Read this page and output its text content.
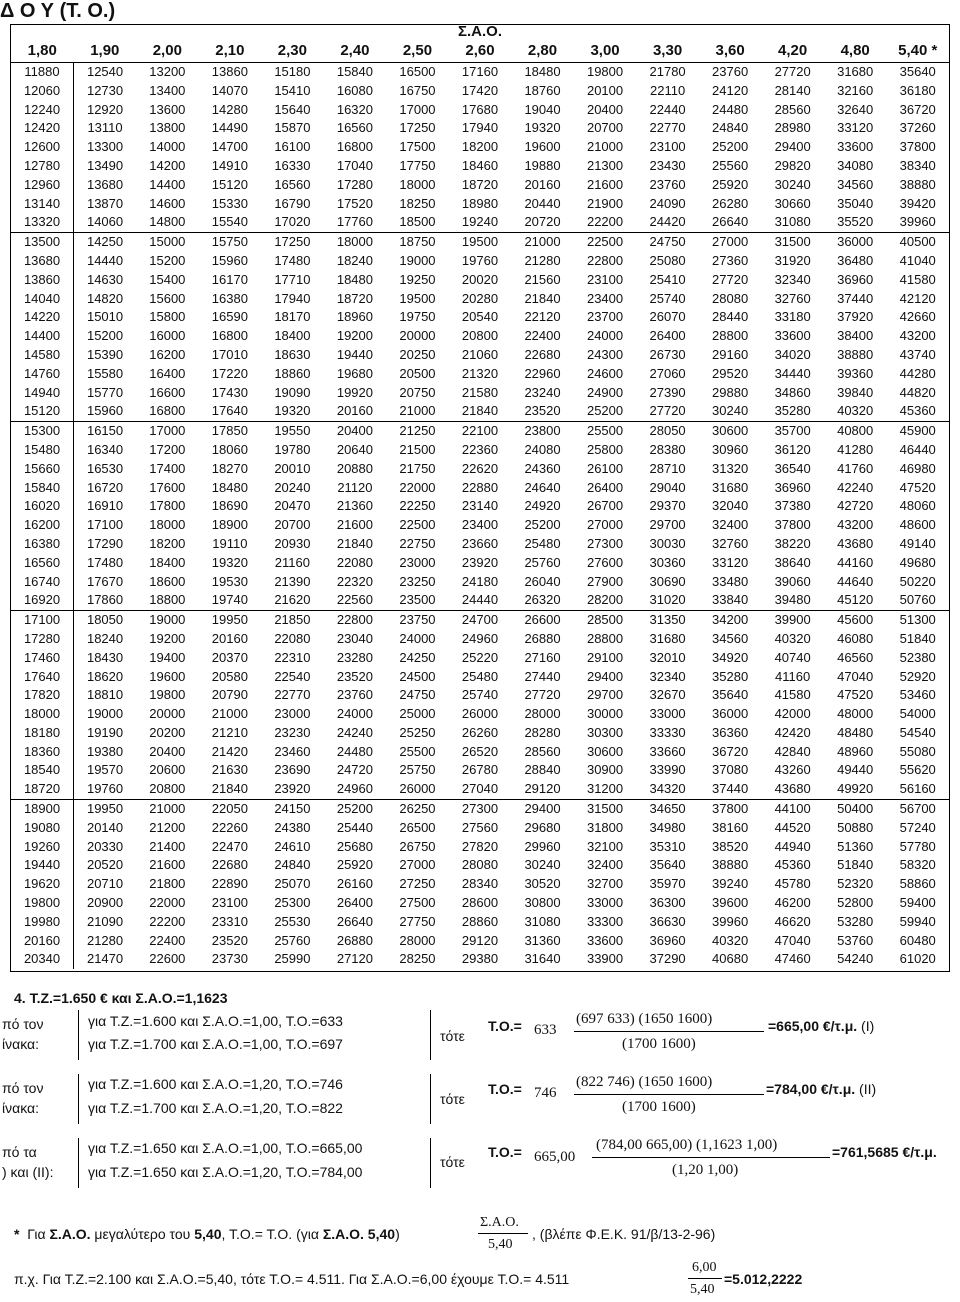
Δ Ο Υ (Τ. Ο.)
Σ.Α.Ο.														
1,80	1,90	2,00	2,10	2,30	2,40	2,50	2,60	2,80	3,00	3,30	3,60	4,20	4,80	5,40 *
11880	12540	13200	13860	15180	15840	16500	17160	18480	19800	21780	23760	27720	31680	35640
12060	12730	13400	14070	15410	16080	16750	17420	18760	20100	22110	24120	28140	32160	36180
12240	12920	13600	14280	15640	16320	17000	17680	19040	20400	22440	24480	28560	32640	36720
12420	13110	13800	14490	15870	16560	17250	17940	19320	20700	22770	24840	28980	33120	37260
12600	13300	14000	14700	16100	16800	17500	18200	19600	21000	23100	25200	29400	33600	37800
12780	13490	14200	14910	16330	17040	17750	18460	19880	21300	23430	25560	29820	34080	38340
12960	13680	14400	15120	16560	17280	18000	18720	20160	21600	23760	25920	30240	34560	38880
13140	13870	14600	15330	16790	17520	18250	18980	20440	21900	24090	26280	30660	35040	39420
13320	14060	14800	15540	17020	17760	18500	19240	20720	22200	24420	26640	31080	35520	39960
13500	14250	15000	15750	17250	18000	18750	19500	21000	22500	24750	27000	31500	36000	40500
13680	14440	15200	15960	17480	18240	19000	19760	21280	22800	25080	27360	31920	36480	41040
13860	14630	15400	16170	17710	18480	19250	20020	21560	23100	25410	27720	32340	36960	41580
14040	14820	15600	16380	17940	18720	19500	20280	21840	23400	25740	28080	32760	37440	42120
14220	15010	15800	16590	18170	18960	19750	20540	22120	23700	26070	28440	33180	37920	42660
14400	15200	16000	16800	18400	19200	20000	20800	22400	24000	26400	28800	33600	38400	43200
14580	15390	16200	17010	18630	19440	20250	21060	22680	24300	26730	29160	34020	38880	43740
14760	15580	16400	17220	18860	19680	20500	21320	22960	24600	27060	29520	34440	39360	44280
14940	15770	16600	17430	19090	19920	20750	21580	23240	24900	27390	29880	34860	39840	44820
15120	15960	16800	17640	19320	20160	21000	21840	23520	25200	27720	30240	35280	40320	45360
15300	16150	17000	17850	19550	20400	21250	22100	23800	25500	28050	30600	35700	40800	45900
15480	16340	17200	18060	19780	20640	21500	22360	24080	25800	28380	30960	36120	41280	46440
15660	16530	17400	18270	20010	20880	21750	22620	24360	26100	28710	31320	36540	41760	46980
15840	16720	17600	18480	20240	21120	22000	22880	24640	26400	29040	31680	36960	42240	47520
16020	16910	17800	18690	20470	21360	22250	23140	24920	26700	29370	32040	37380	42720	48060
16200	17100	18000	18900	20700	21600	22500	23400	25200	27000	29700	32400	37800	43200	48600
16380	17290	18200	19110	20930	21840	22750	23660	25480	27300	30030	32760	38220	43680	49140
16560	17480	18400	19320	21160	22080	23000	23920	25760	27600	30360	33120	38640	44160	49680
16740	17670	18600	19530	21390	22320	23250	24180	26040	27900	30690	33480	39060	44640	50220
16920	17860	18800	19740	21620	22560	23500	24440	26320	28200	31020	33840	39480	45120	50760
17100	18050	19000	19950	21850	22800	23750	24700	26600	28500	31350	34200	39900	45600	51300
17280	18240	19200	20160	22080	23040	24000	24960	26880	28800	31680	34560	40320	46080	51840
17460	18430	19400	20370	22310	23280	24250	25220	27160	29100	32010	34920	40740	46560	52380
17640	18620	19600	20580	22540	23520	24500	25480	27440	29400	32340	35280	41160	47040	52920
17820	18810	19800	20790	22770	23760	24750	25740	27720	29700	32670	35640	41580	47520	53460
18000	19000	20000	21000	23000	24000	25000	26000	28000	30000	33000	36000	42000	48000	54000
18180	19190	20200	21210	23230	24240	25250	26260	28280	30300	33330	36360	42420	48480	54540
18360	19380	20400	21420	23460	24480	25500	26520	28560	30600	33660	36720	42840	48960	55080
18540	19570	20600	21630	23690	24720	25750	26780	28840	30900	33990	37080	43260	49440	55620
18720	19760	20800	21840	23920	24960	26000	27040	29120	31200	34320	37440	43680	49920	56160
18900	19950	21000	22050	24150	25200	26250	27300	29400	31500	34650	37800	44100	50400	56700
19080	20140	21200	22260	24380	25440	26500	27560	29680	31800	34980	38160	44520	50880	57240
19260	20330	21400	22470	24610	25680	26750	27820	29960	32100	35310	38520	44940	51360	57780
19440	20520	21600	22680	24840	25920	27000	28080	30240	32400	35640	38880	45360	51840	58320
19620	20710	21800	22890	25070	26160	27250	28340	30520	32700	35970	39240	45780	52320	58860
19800	20900	22000	23100	25300	26400	27500	28600	30800	33000	36300	39600	46200	52800	59400
19980	21090	22200	23310	25530	26640	27750	28860	31080	33300	36630	39960	46620	53280	59940
20160	21280	22400	23520	25760	26880	28000	29120	31360	33600	36960	40320	47040	53760	60480
20340	21470	22600	23730	25990	27120	28250	29380	31640	33900	37290	40680	47460	54240	61020
4. Τ.Ζ.=1.650 € και Σ.Α.Ο.=1,1623
πό τον
ίνακα:
για Τ.Ζ.=1.600 και Σ.Α.Ο.=1,00, Τ.Ο.=633
για Τ.Ζ.=1.700 και Σ.Α.Ο.=1,00, Τ.Ο.=697	τότε
Τ.Ο.= 633
(697 633) (1650 1600)
(1700 1600)
=665,00 €/τ.μ. (Ι)
πό τον
ίνακα:
για Τ.Ζ.=1.600 και Σ.Α.Ο.=1,20, Τ.Ο.=746
για Τ.Ζ.=1.700 και Σ.Α.Ο.=1,20, Τ.Ο.=822
τότε
Τ.Ο.= 746
(822 746) (1650 1600)
(1700 1600)
=784,00 €/τ.μ. (ΙΙ)
πό τα
) και (ΙΙ):
για Τ.Ζ.=1.650 και Σ.Α.Ο.=1,00, Τ.Ο.=665,00
για Τ.Ζ.=1.650 και Σ.Α.Ο.=1,20, Τ.Ο.=784,00
τότε
Τ.Ο.= 665,00
(784,00 665,00) (1,1623 1,00)
(1,20 1,00)
=761,5685 €/τ.μ.
* Για Σ.Α.Ο. μεγαλύτερο του 5,40, Τ.Ο.= Τ.Ο. (για Σ.Α.Ο. 5,40)
Σ.Α.Ο.
5,40
, (βλέπε Φ.Ε.Κ. 91/β/13-2-96)
π.χ. Για Τ.Ζ.=2.100 και Σ.Α.Ο.=5,40, τότε Τ.Ο.= 4.511. Για Σ.Α.Ο.=6,00 έχουμε Τ.Ο.= 4.511
6,00
5,40
=5.012,2222
